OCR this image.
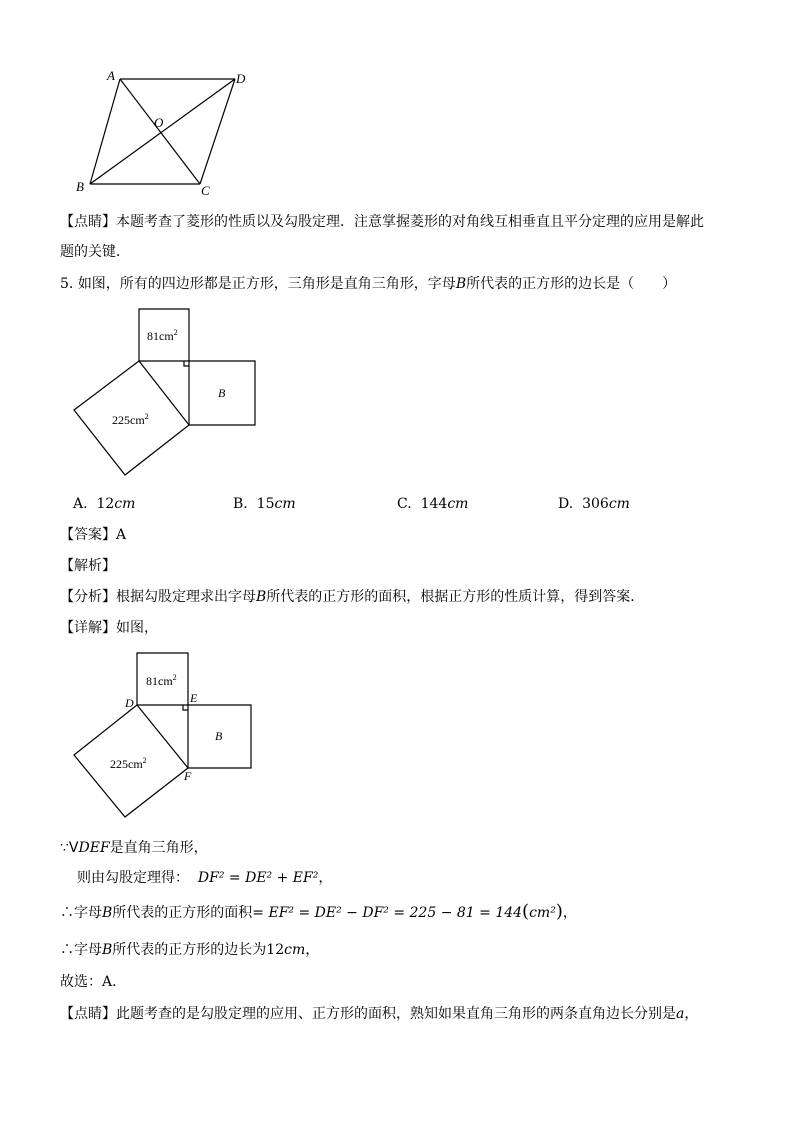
A	D
O
B	C
【点睛】本题考查了菱形的性质以及勾股定理．注意掌握菱形的对角线互相垂直且平分定理的应用是解此
题的关键．
5. 如图，所有的四边形都是正方形，三角形是直角三角形，字母B所代表的正方形的边长是（　　）
$81cm^2$
B
$225cm^2$
A. 12cm	B. 15cm	C. 144cm	D. 306cm
【答案】A
【解析】
【分析】根据勾股定理求出字母B所代表的正方形的面积，根据正方形的性质计算，得到答案．
【详解】如图，
$81cm^2$
B
$225cm^2$
D	E
F
∵VDEF是直角三角形，
则由勾股定理得： DF² = DE² + EF²，
∴字母B所代表的正方形的面积= EF² = DE² − DF² = 225 − 81 = 144(cm²)，
∴字母B所代表的正方形的边长为12cm，
故选：A．
【点睛】此题考查的是勾股定理的应用、正方形的面积，熟知如果直角三角形的两条直角边长分别是a，
